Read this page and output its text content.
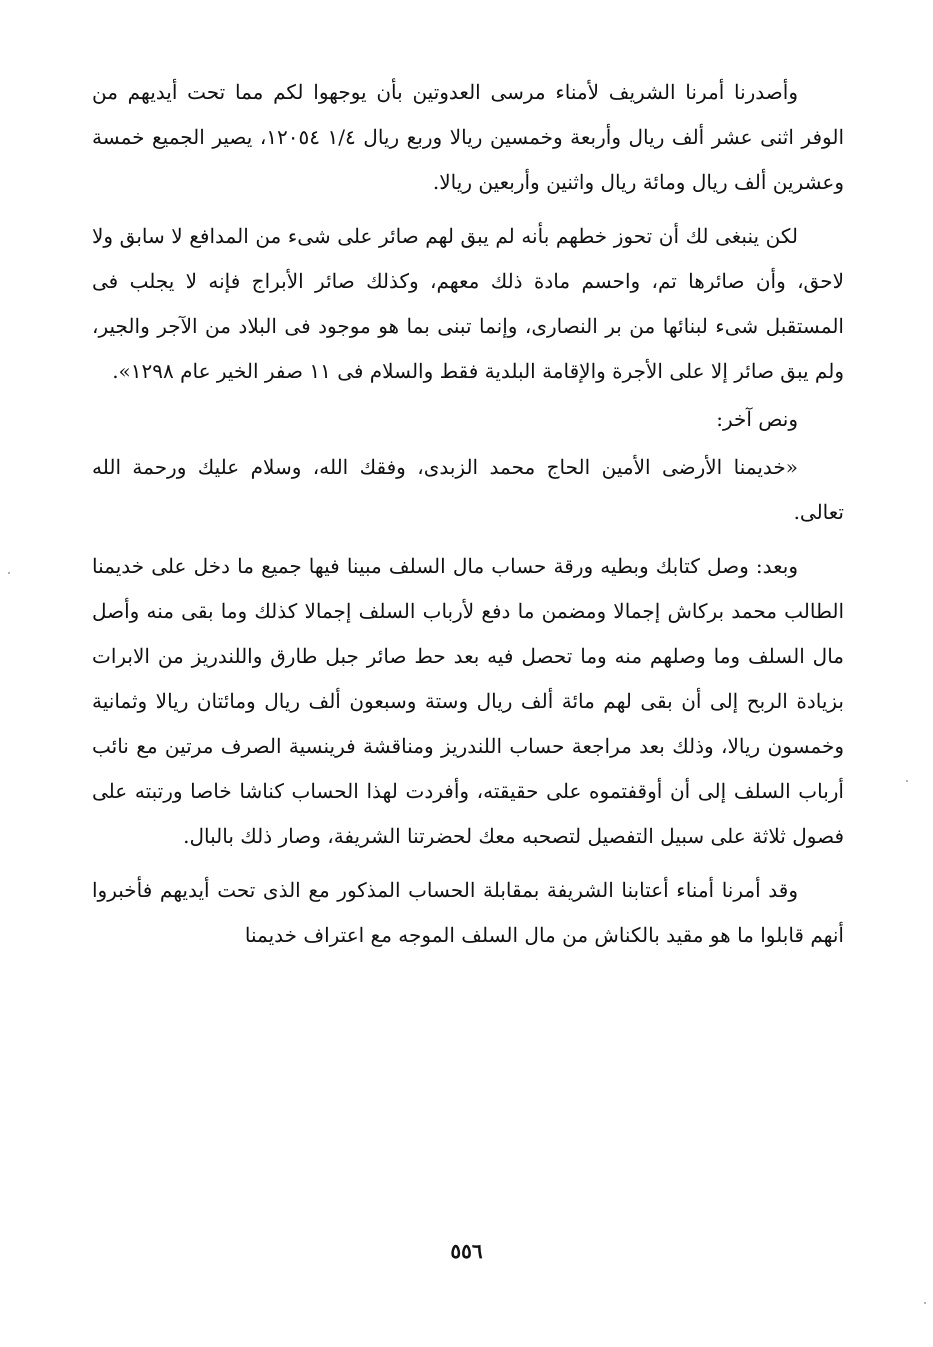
وأصدرنا أمرنا الشريف لأمناء مرسى العدوتين بأن يوجهوا لكم مما تحت أيديهم من الوفر اثنى عشر ألف ريال وأربعة وخمسين ريالا وربع ريال ١/٤ ١٢٠٥٤، يصير الجميع خمسة وعشرين ألف ريال ومائة ريال واثنين وأربعين ريالا.

لكن ينبغى لك أن تحوز خطهم بأنه لم يبق لهم صائر على شىء من المدافع لا سابق ولا لاحق، وأن صائرها تم، واحسم مادة ذلك معهم، وكذلك صائر الأبراج فإنه لا يجلب فى المستقبل شىء لبنائها من بر النصارى، وإنما تبنى بما هو موجود فى البلاد من الآجر والجير، ولم يبق صائر إلا على الأجرة والإقامة البلدية فقط والسلام فى ١١ صفر الخير عام ١٢٩٨».

ونص آخر:

«خديمنا الأرضى الأمين الحاج محمد الزبدى، وفقك الله، وسلام عليك ورحمة الله تعالى.

وبعد: وصل كتابك وبطيه ورقة حساب مال السلف مبينا فيها جميع ما دخل على خديمنا الطالب محمد بركاش إجمالا ومضمن ما دفع لأرباب السلف إجمالا كذلك وما بقى منه وأصل مال السلف وما وصلهم منه وما تحصل فيه بعد حط صائر جبل طارق واللندريز من الابرات بزيادة الربح إلى أن بقى لهم مائة ألف ريال وستة وسبعون ألف ريال ومائتان ريالا وثمانية وخمسون ريالا، وذلك بعد مراجعة حساب اللندريز ومناقشة فرينسية الصرف مرتين مع نائب أرباب السلف إلى أن أوقفتموه على حقيقته، وأفردت لهذا الحساب كناشا خاصا ورتبته على فصول ثلاثة على سبيل التفصيل لتصحبه معك لحضرتنا الشريفة، وصار ذلك بالبال.

وقد أمرنا أمناء أعتابنا الشريفة بمقابلة الحساب المذكور مع الذى تحت أيديهم فأخبروا أنهم قابلوا ما هو مقيد بالكناش من مال السلف الموجه مع اعتراف خديمنا

٥٥٦
